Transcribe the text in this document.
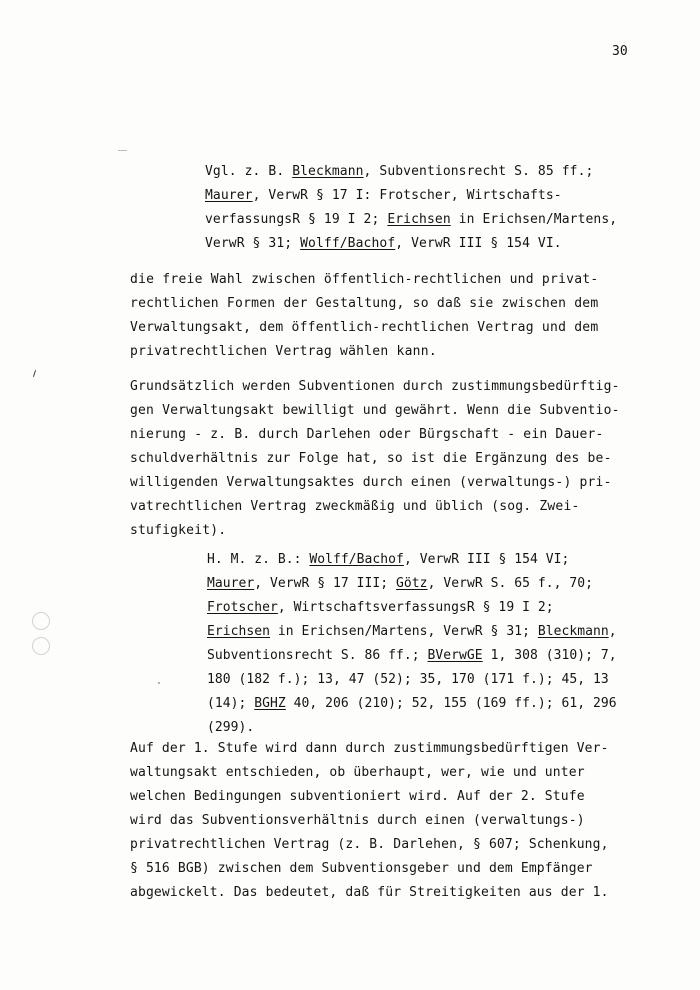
30
Vgl. z. B. Bleckmann, Subventionsrecht S. 85 ff.;
Maurer, VerwR § 17 I: Frotscher, Wirtschafts-
verfassungsR § 19 I 2; Erichsen in Erichsen/Martens,
VerwR § 31; Wolff/Bachof, VerwR III § 154 VI.
die freie Wahl zwischen öffentlich-rechtlichen und privat-
rechtlichen Formen der Gestaltung, so daß sie zwischen dem
Verwaltungsakt, dem öffentlich-rechtlichen Vertrag und dem
privatrechtlichen Vertrag wählen kann.
Grundsätzlich werden Subventionen durch zustimmungsbedürftig-
gen Verwaltungsakt bewilligt und gewährt. Wenn die Subventio-
nierung - z. B. durch Darlehen oder Bürgschaft - ein Dauer-
schuldverhältnis zur Folge hat, so ist die Ergänzung des be-
willigenden Verwaltungsaktes durch einen (verwaltungs-) pri-
vatrechtlichen Vertrag zweckmäßig und üblich (sog. Zwei-
stufigkeit).
H. M. z. B.: Wolff/Bachof, VerwR III § 154 VI;
Maurer, VerwR § 17 III; Götz, VerwR S. 65 f., 70;
Frotscher, WirtschaftsverfassungsR § 19 I 2;
Erichsen in Erichsen/Martens, VerwR § 31; Bleckmann,
Subventionsrecht S. 86 ff.; BVerwGE 1, 308 (310); 7,
180 (182 f.); 13, 47 (52); 35, 170 (171 f.); 45, 13
(14); BGHZ 40, 206 (210); 52, 155 (169 ff.); 61, 296
(299).
Auf der 1. Stufe wird dann durch zustimmungsbedürftigen Ver-
waltungsakt entschieden, ob überhaupt, wer, wie und unter
welchen Bedingungen subventioniert wird. Auf der 2. Stufe
wird das Subventionsverhältnis durch einen (verwaltungs-)
privatrechtlichen Vertrag (z. B. Darlehen, § 607; Schenkung,
§ 516 BGB) zwischen dem Subventionsgeber und dem Empfänger
abgewickelt. Das bedeutet, daß für Streitigkeiten aus der 1.
